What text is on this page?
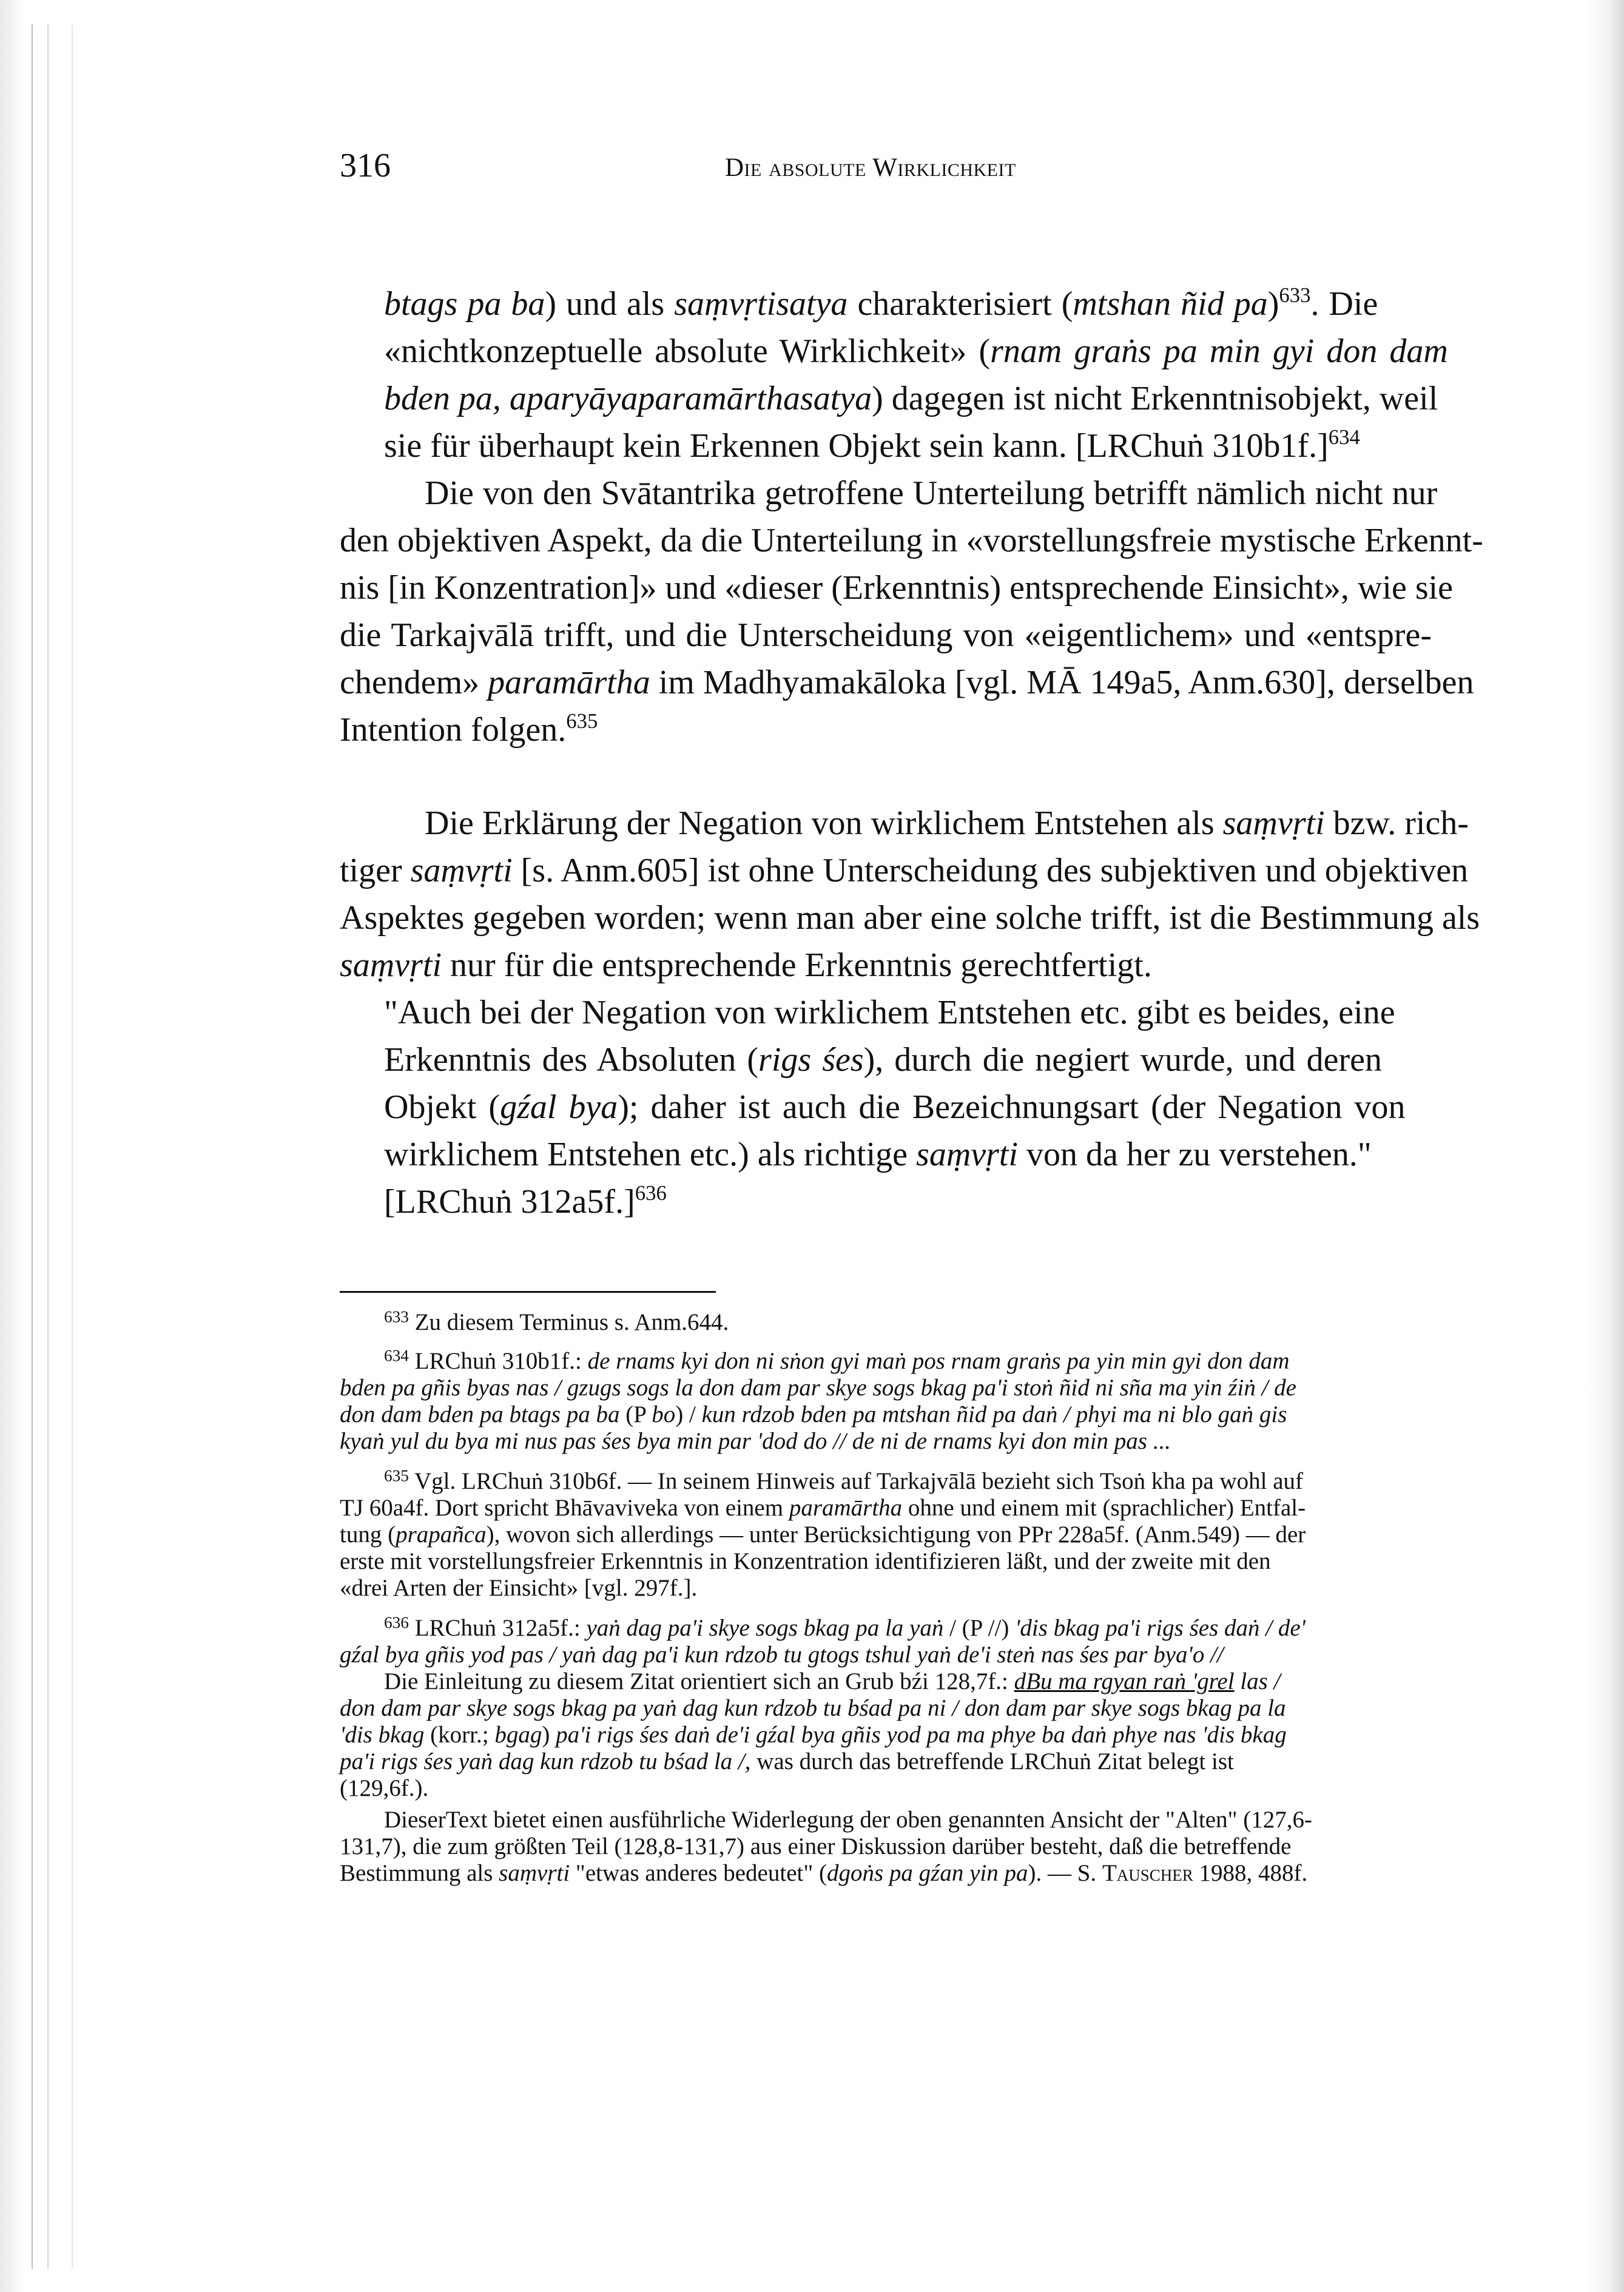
316	Die absolute Wirklichkeit
btags pa ba) und als saṃvṛtisatya charakterisiert (mtshan ñid pa)$^{633}$. Die
«nichtkonzeptuelle absolute Wirklichkeit» (rnam graṅs pa min gyi don dam
bden pa, aparyāyaparamārthasatya) dagegen ist nicht Erkenntnisobjekt, weil
sie für überhaupt kein Erkennen Objekt sein kann. [LRChuṅ 310b1f.]$^{634}$
Die von den Svātantrika getroffene Unterteilung betrifft nämlich nicht nur
den objektiven Aspekt, da die Unterteilung in «vorstellungsfreie mystische Erkennt-
nis [in Konzentration]» und «dieser (Erkenntnis) entsprechende Einsicht», wie sie
die Tarkajvālā trifft, und die Unterscheidung von «eigentlichem» und «entspre-
chendem» paramārtha im Madhyamakāloka [vgl. MĀ 149a5, Anm.630], derselben
Intention folgen.$^{635}$
Die Erklärung der Negation von wirklichem Entstehen als saṃvṛti bzw. rich-
tiger saṃvṛti [s. Anm.605] ist ohne Unterscheidung des subjektiven und objektiven
Aspektes gegeben worden; wenn man aber eine solche trifft, ist die Bestimmung als
saṃvṛti nur für die entsprechende Erkenntnis gerechtfertigt.
"Auch bei der Negation von wirklichem Entstehen etc. gibt es beides, eine
Erkenntnis des Absoluten (rigs śes), durch die negiert wurde, und deren
Objekt (gźal bya); daher ist auch die Bezeichnungsart (der Negation von
wirklichem Entstehen etc.) als richtige saṃvṛti von da her zu verstehen."
[LRChuṅ 312a5f.]$^{636}$
$^{633}$ Zu diesem Terminus s. Anm.644.
$^{634}$ LRChuṅ 310b1f.: de rnams kyi don ni sṅon gyi maṅ pos rnam graṅs pa yin min gyi don dam
bden pa gñis byas nas / gzugs sogs la don dam par skye sogs bkag pa'i stoṅ ñid ni sña ma yin źiṅ / de
don dam bden pa btags pa ba (P bo) / kun rdzob bden pa mtshan ñid pa daṅ / phyi ma ni blo gaṅ gis
kyaṅ yul du bya mi nus pas śes bya min par 'dod do // de ni de rnams kyi don min pas ...
$^{635}$ Vgl. LRChuṅ 310b6f. — In seinem Hinweis auf Tarkajvālā bezieht sich Tsoṅ kha pa wohl auf
TJ 60a4f. Dort spricht Bhāvaviveka von einem paramārtha ohne und einem mit (sprachlicher) Entfal-
tung (prapañca), wovon sich allerdings — unter Berücksichtigung von PPr 228a5f. (Anm.549) — der
erste mit vorstellungsfreier Erkenntnis in Konzentration identifizieren läßt, und der zweite mit den
«drei Arten der Einsicht» [vgl. 297f.].
$^{636}$ LRChuṅ 312a5f.: yaṅ dag pa'i skye sogs bkag pa la yaṅ / (P //) 'dis bkag pa'i rigs śes daṅ / de'
gźal bya gñis yod pas / yaṅ dag pa'i kun rdzob tu gtogs tshul yaṅ de'i steṅ nas śes par bya'o //
Die Einleitung zu diesem Zitat orientiert sich an Grub bźi 128,7f.: dBu ma rgyan raṅ 'grel las /
don dam par skye sogs bkag pa yaṅ dag kun rdzob tu bśad pa ni / don dam par skye sogs bkag pa la
'dis bkag (korr.; bgag) pa'i rigs śes daṅ de'i gźal bya gñis yod pa ma phye ba daṅ phye nas 'dis bkag
pa'i rigs śes yaṅ dag kun rdzob tu bśad la /, was durch das betreffende LRChuṅ Zitat belegt ist
(129,6f.).
DieserText bietet einen ausführliche Widerlegung der oben genannten Ansicht der "Alten" (127,6-
131,7), die zum größten Teil (128,8-131,7) aus einer Diskussion darüber besteht, daß die betreffende
Bestimmung als saṃvṛti "etwas anderes bedeutet" (dgoṅs pa gźan yin pa). — S. Tauscher 1988, 488f.
